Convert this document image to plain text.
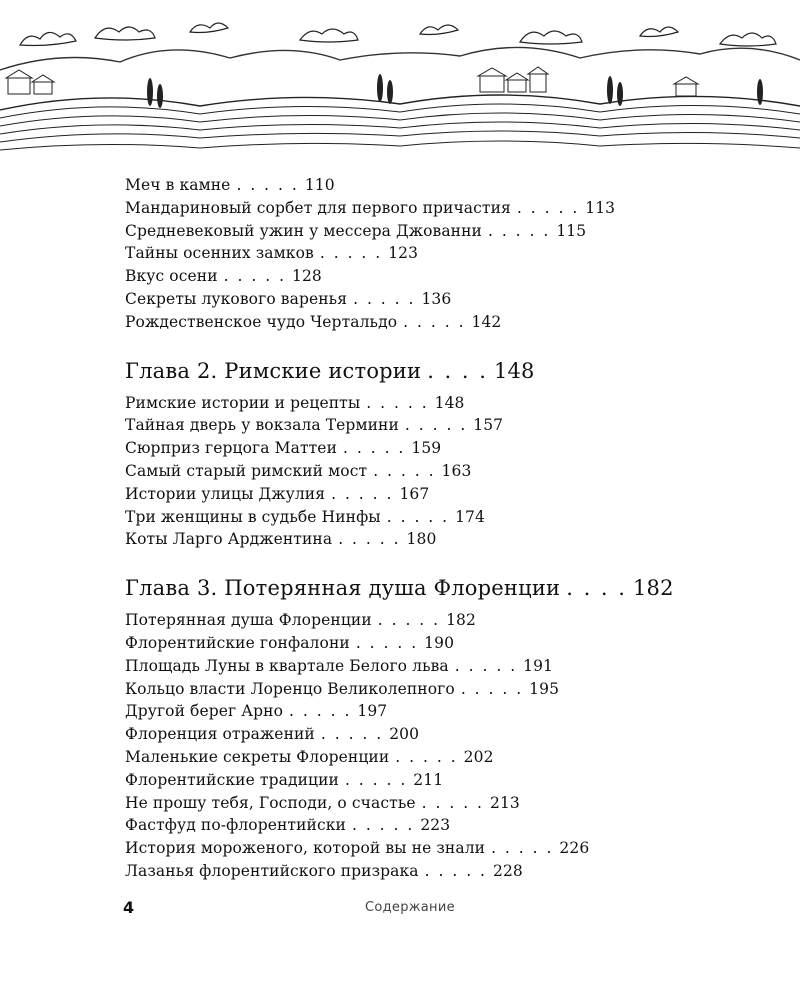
Меч в камне . . . . . 110
Мандариновый сорбет для первого причастия . . . . . 113
Средневековый ужин у мессера Джованни . . . . . 115
Тайны осенних замков . . . . . 123
Вкус осени . . . . . 128
Секреты лукового варенья . . . . . 136
Рождественское чудо Чертальдо . . . . . 142
Глава 2. Римские истории . . . . 148
Римские истории и рецепты . . . . . 148
Тайная дверь у вокзала Термини . . . . . 157
Сюрприз герцога Маттеи . . . . . 159
Самый старый римский мост . . . . . 163
Истории улицы Джулия . . . . . 167
Три женщины в судьбе Нинфы . . . . . 174
Коты Ларго Арджентина . . . . . 180
Глава 3. Потерянная душа Флоренции . . . . 182
Потерянная душа Флоренции . . . . . 182
Флорентийские гонфалони . . . . . 190
Площадь Луны в квартале Белого льва . . . . . 191
Кольцо власти Лоренцо Великолепного . . . . . 195
Другой берег Арно . . . . . 197
Флоренция отражений . . . . . 200
Маленькие секреты Флоренции . . . . . 202
Флорентийские традиции . . . . . 211
Не прошу тебя, Господи, о счастье . . . . . 213
Фастфуд по-флорентийски . . . . . 223
История мороженого, которой вы не знали . . . . . 226
Лазанья флорентийского призрака . . . . . 228
4	Содержание
